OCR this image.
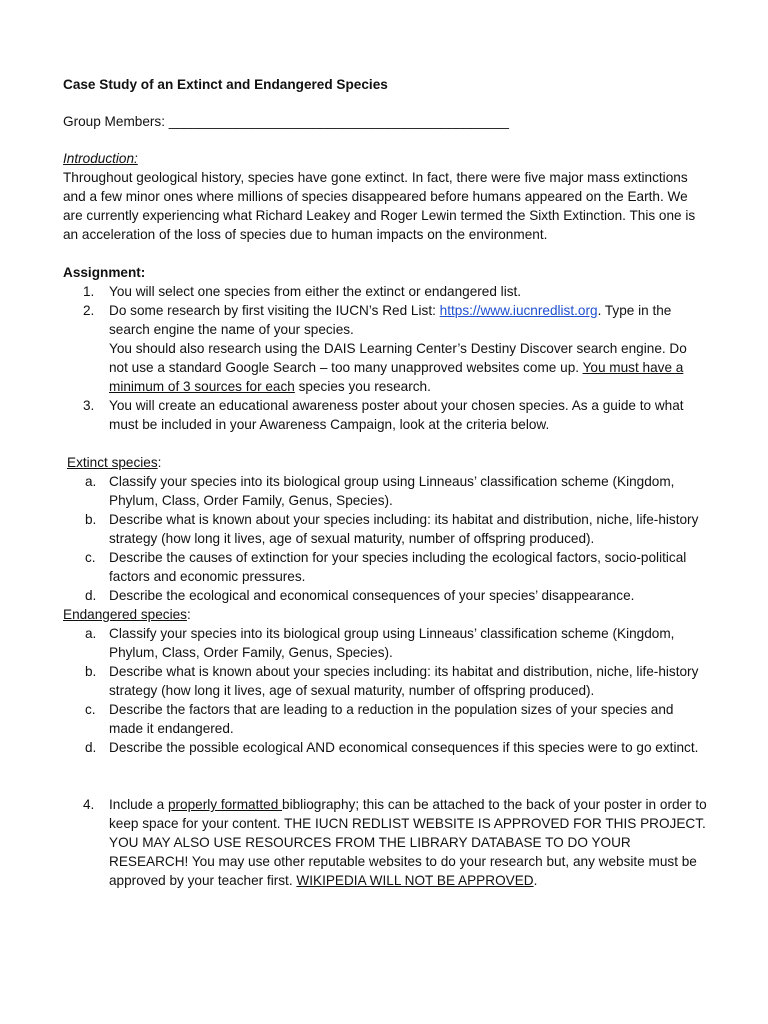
Case Study of an Extinct and Endangered Species

Group Members: _____________________________________________

Introduction:

Throughout geological history, species have gone extinct. In fact, there were five major mass extinctions and a few minor ones where millions of species disappeared before humans appeared on the Earth. We are currently experiencing what Richard Leakey and Roger Lewin termed the Sixth Extinction. This one is an acceleration of the loss of species due to human impacts on the environment.

Assignment:

1. You will select one species from either the extinct or endangered list.
2. Do some research by first visiting the IUCN’s Red List: https://www.iucnredlist.org. Type in the search engine the name of your species.
You should also research using the DAIS Learning Center’s Destiny Discover search engine. Do not use a standard Google Search – too many unapproved websites come up. You must have a minimum of 3 sources for each species you research.
3. You will create an educational awareness poster about your chosen species. As a guide to what must be included in your Awareness Campaign, look at the criteria below.

Extinct species:

a. Classify your species into its biological group using Linneaus’ classification scheme (Kingdom, Phylum, Class, Order Family, Genus, Species).
b. Describe what is known about your species including: its habitat and distribution, niche, life-history strategy (how long it lives, age of sexual maturity, number of offspring produced).
c. Describe the causes of extinction for your species including the ecological factors, socio-political factors and economic pressures.
d. Describe the ecological and economical consequences of your species’ disappearance.

Endangered species:

a. Classify your species into its biological group using Linneaus’ classification scheme (Kingdom, Phylum, Class, Order Family, Genus, Species).
b. Describe what is known about your species including: its habitat and distribution, niche, life-history strategy (how long it lives, age of sexual maturity, number of offspring produced).
c. Describe the factors that are leading to a reduction in the population sizes of your species and made it endangered.
d. Describe the possible ecological AND economical consequences if this species were to go extinct.
4. Include a properly formatted bibliography; this can be attached to the back of your poster in order to keep space for your content. THE IUCN REDLIST WEBSITE IS APPROVED FOR THIS PROJECT. YOU MAY ALSO USE RESOURCES FROM THE LIBRARY DATABASE TO DO YOUR RESEARCH! You may use other reputable websites to do your research but, any website must be approved by your teacher first. WIKIPEDIA WILL NOT BE APPROVED.
